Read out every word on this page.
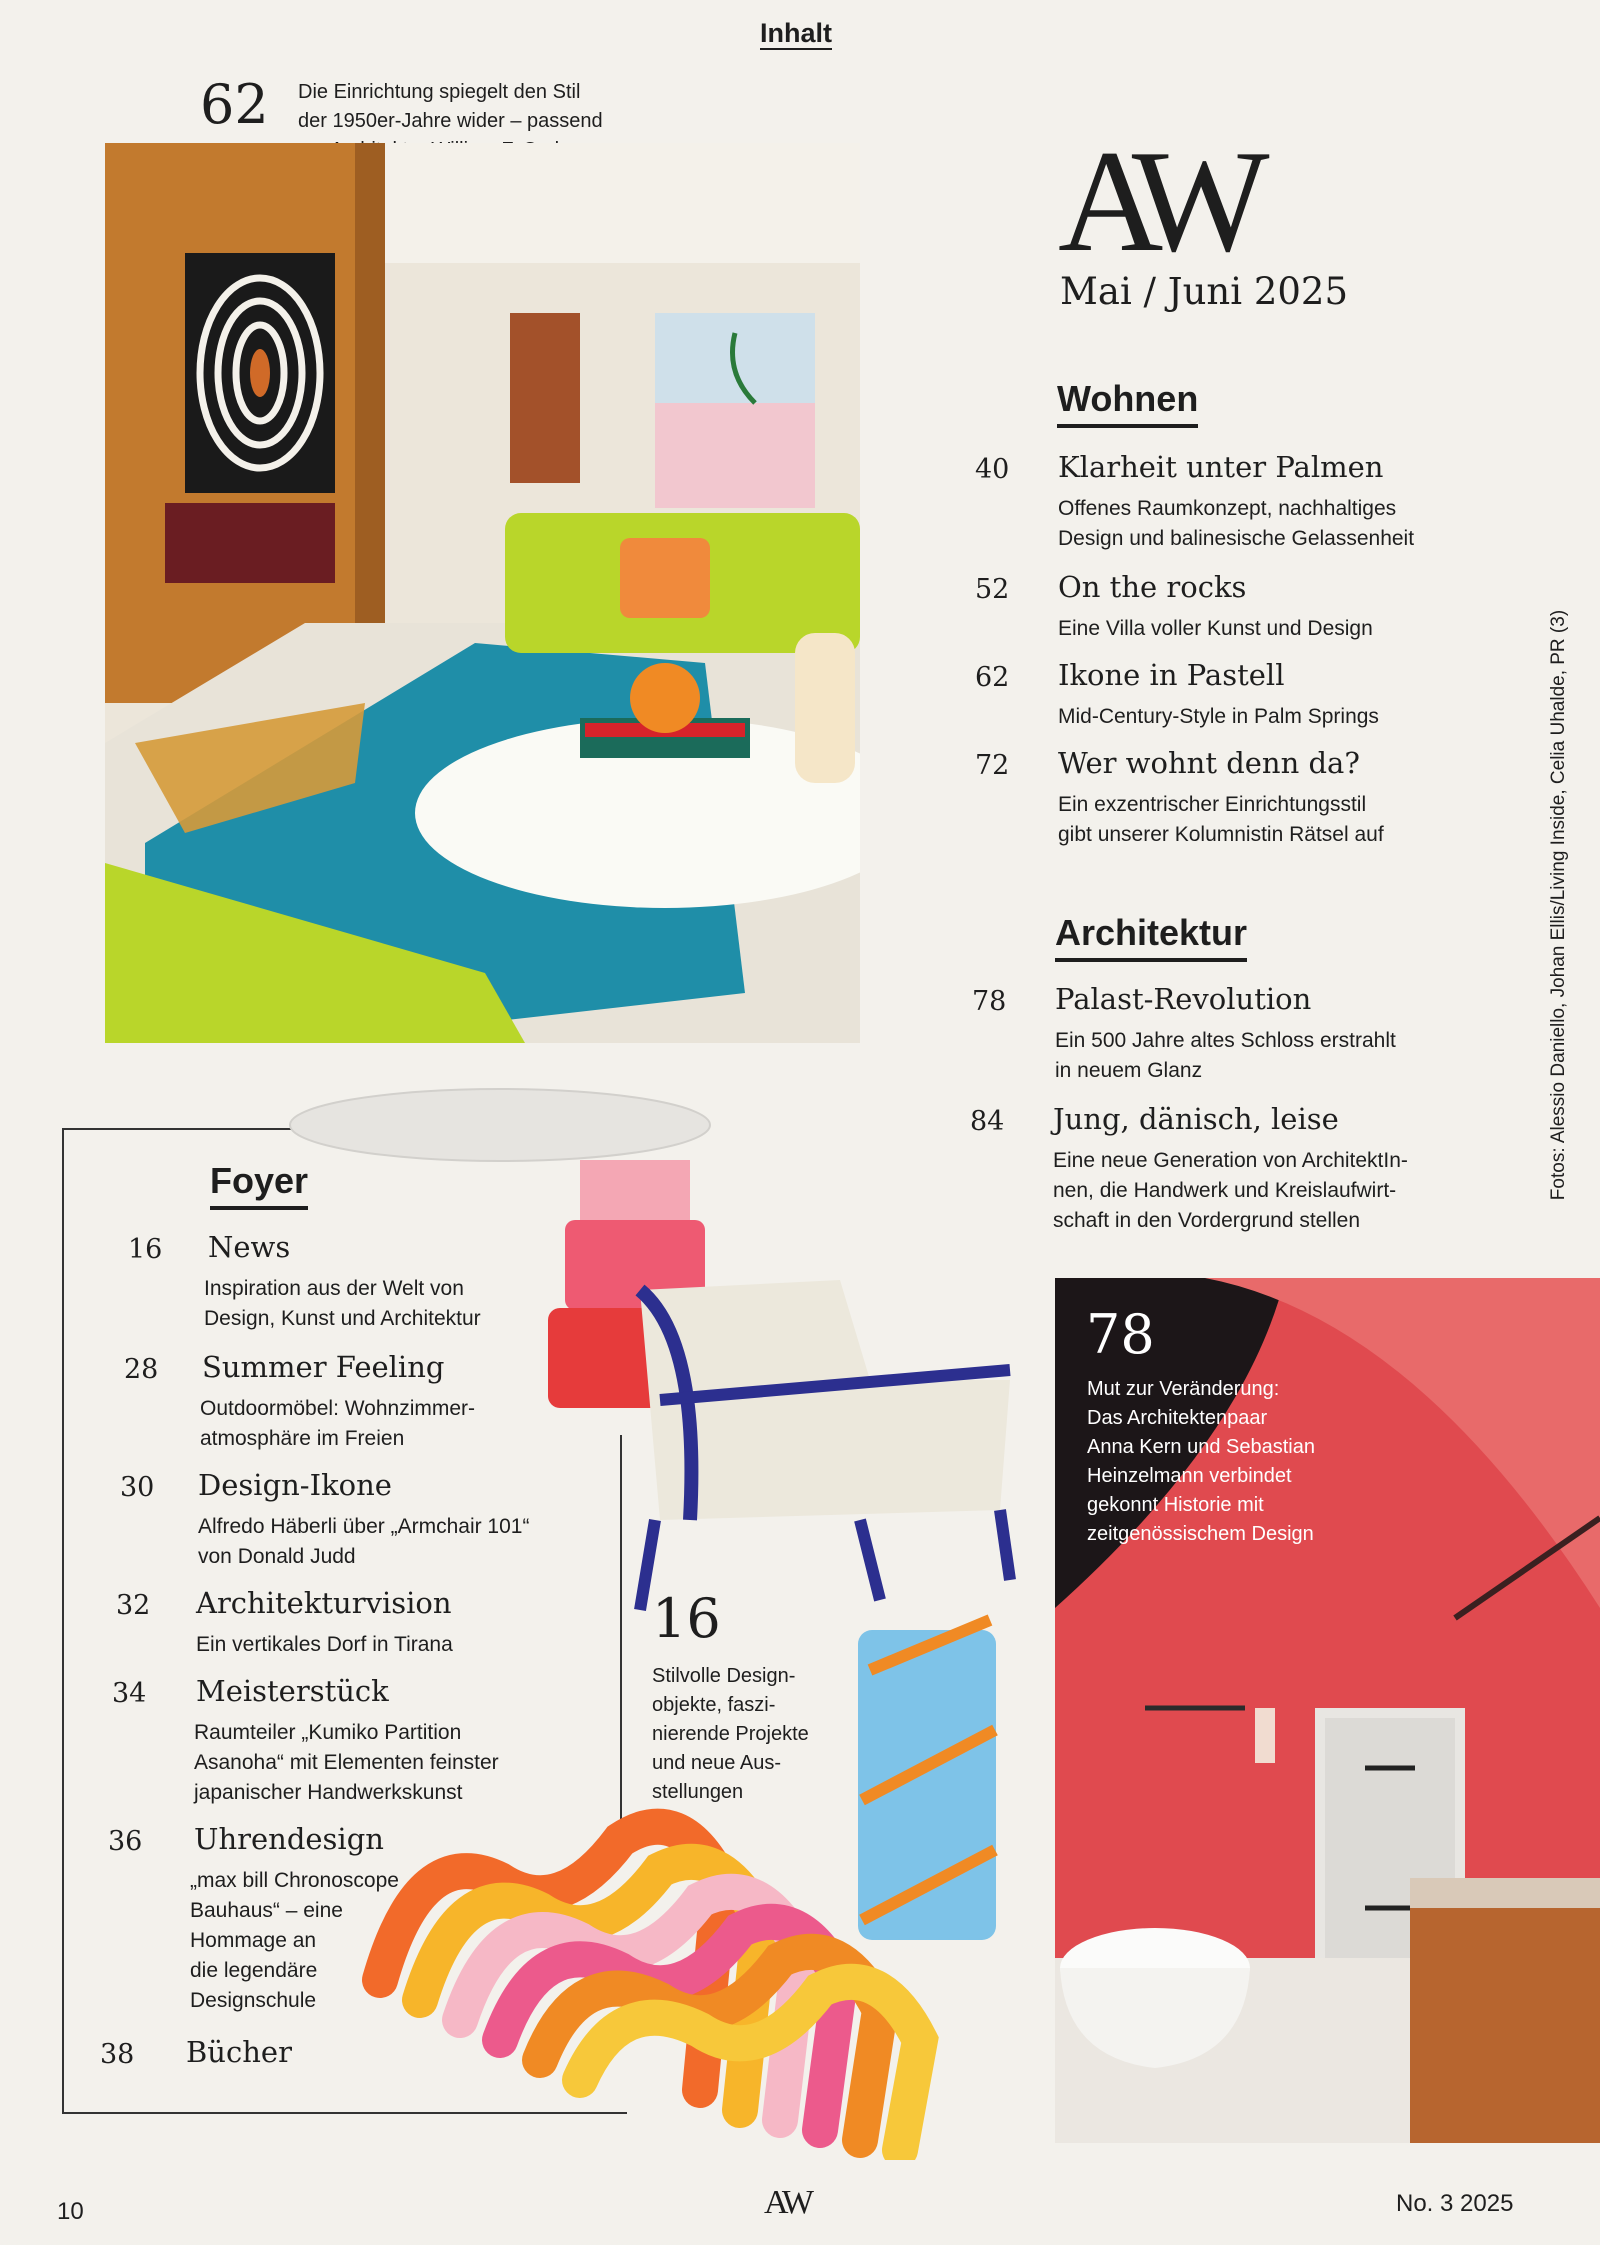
Inhalt
62 Die Einrichtung spiegelt den Stil
der 1950er-Jahre wider – passend	AW
Mai / Juni 2025
Wohnen
40 Klarheit unter Palmen
Offenes Raumkonzept, nachhaltiges
Design und balinesische Gelassenheit
52 On the rocks
Eine Villa voller Kunst und Design
62 Ikone in Pastell
Mid-Century-Style in Palm Springs
72 Wer wohnt denn da?
Ein exzentrischer Einrichtungsstil
gibt unserer Kolumnistin Rätsel auf
Architektur
78 Palast-Revolution
Ein 500 Jahre altes Schloss erstrahlt
in neuem Glanz
84 Jung, dänisch, leise
Eine neue Generation von ArchitektIn-
nen, die Handwerk und Kreislaufwirt-
schaft in den Vordergrund stellen
Fotos: Alessio Daniello, Johan Ellis/Living Inside, Celia Uhalde, PR (3)
Foyer
16 News
Inspiration aus der Welt von
Design, Kunst und Architektur
28 Summer Feeling
Outdoormöbel: Wohnzimmer-
atmosphäre im Freien
30 Design-Ikone
Alfredo Häberli über „Armchair 101“
von Donald Judd
32 Architekturvision
Ein vertikales Dorf in Tirana
34 Meisterstück
Raumteiler „Kumiko Partition
Asanoha“ mit Elementen feinster
japanischer Handwerkskunst
36 Uhrendesign
„max bill Chronoscope
Bauhaus“ – eine
Hommage an
die legendäre
Designschule
38 Bücher
16
Stilvolle Design-
objekte, faszi-
nierende Projekte
und neue Aus-
stellungen
78
Mut zur Veränderung:
Das Architektenpaar
Anna Kern und Sebastian
Heinzelmann verbindet
gekonnt Historie mit
zeitgenössischem Design
10	AW	No. 3 2025
